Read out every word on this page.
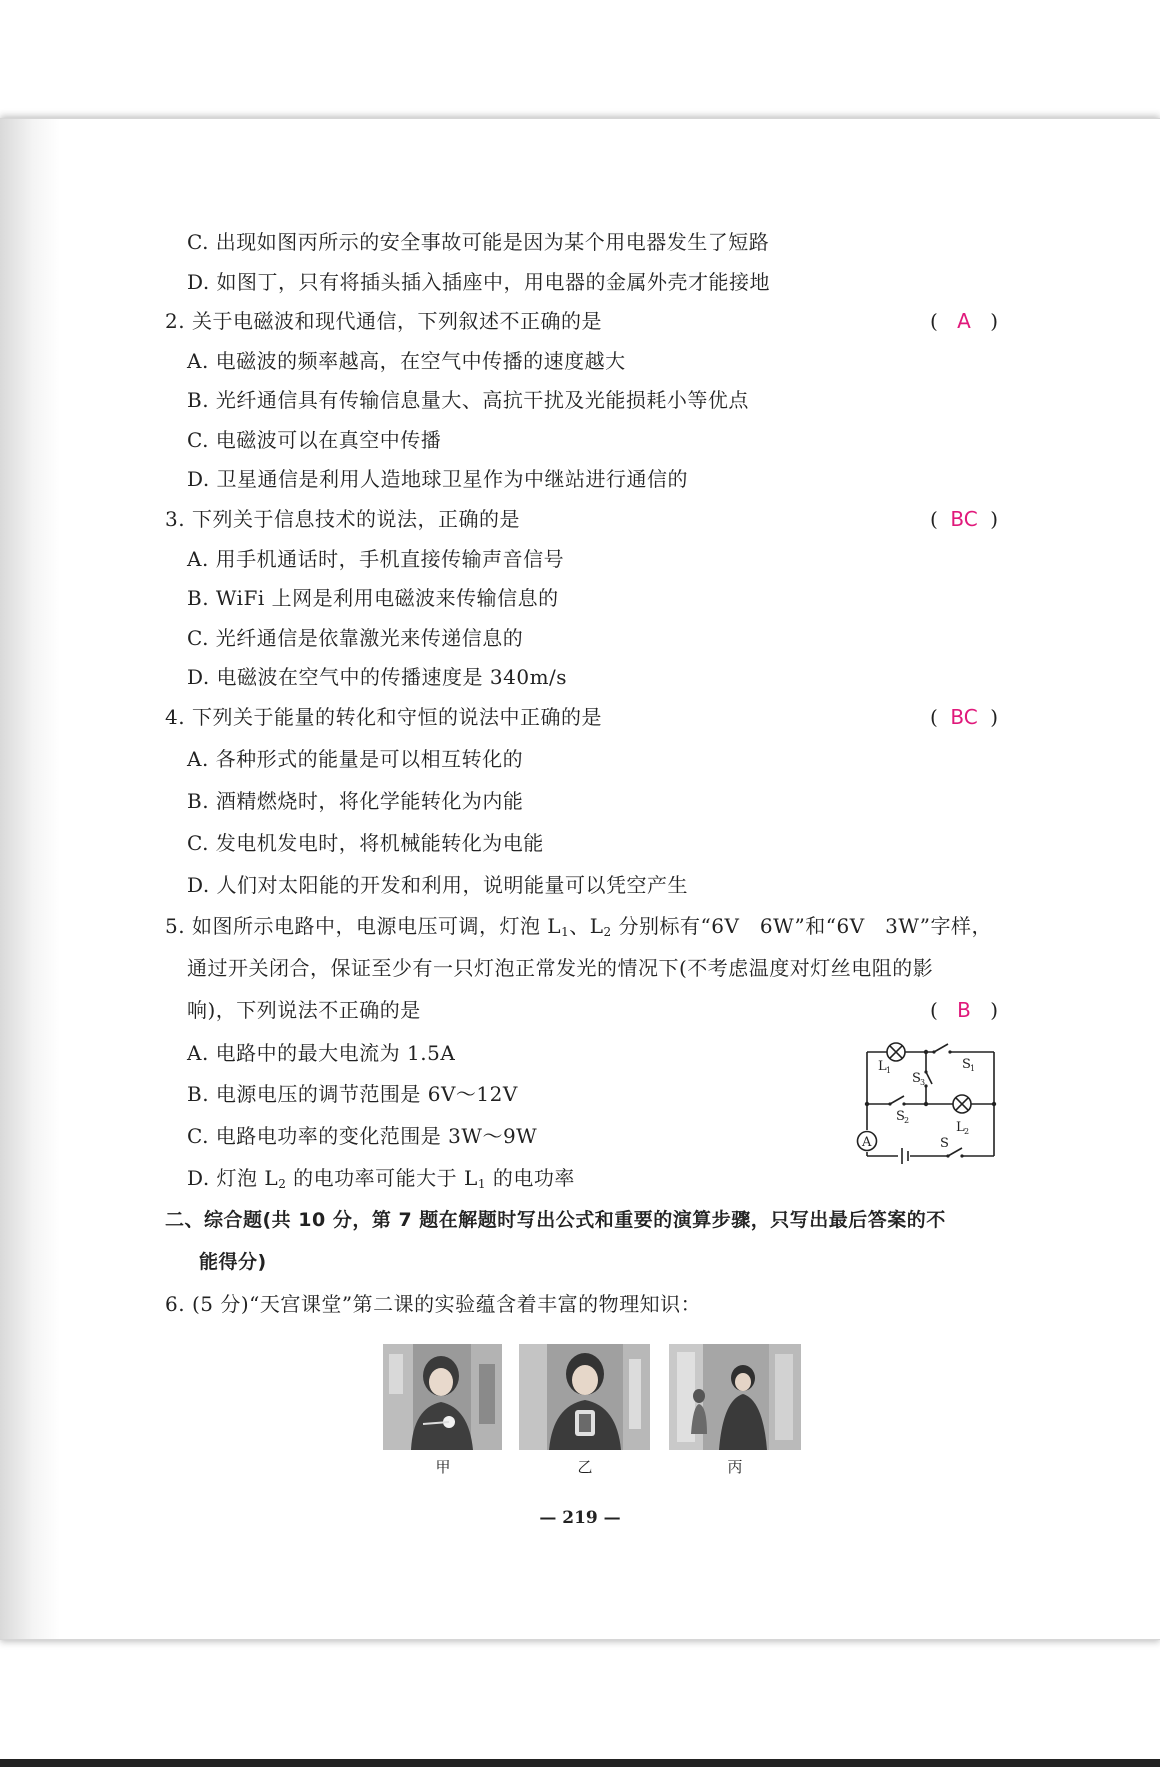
C. 出现如图丙所示的安全事故可能是因为某个用电器发生了短路
D. 如图丁，只有将插头插入插座中，用电器的金属外壳才能接地
2. 关于电磁波和现代通信，下列叙述不正确的是	( A )
A. 电磁波的频率越高，在空气中传播的速度越大
B. 光纤通信具有传输信息量大、高抗干扰及光能损耗小等优点
C. 电磁波可以在真空中传播
D. 卫星通信是利用人造地球卫星作为中继站进行通信的
3. 下列关于信息技术的说法，正确的是	( BC )
A. 用手机通话时，手机直接传输声音信号
B. WiFi 上网是利用电磁波来传输信息的
C. 光纤通信是依靠激光来传递信息的
D. 电磁波在空气中的传播速度是 340m/s
4. 下列关于能量的转化和守恒的说法中正确的是	( BC )
A. 各种形式的能量是可以相互转化的
B. 酒精燃烧时，将化学能转化为内能
C. 发电机发电时，将机械能转化为电能
D. 人们对太阳能的开发和利用，说明能量可以凭空产生
5. 如图所示电路中，电源电压可调，灯泡 $L_1$、$L_2$ 分别标有“6V　6W”和“6V　3W”字样，
通过开关闭合，保证至少有一只灯泡正常发光的情况下(不考虑温度对灯丝电阻的影
响)，下列说法不正确的是	( B )
A. 电路中的最大电流为 1.5A
B. 电源电压的调节范围是 6V～12V
C. 电路电功率的变化范围是 3W～9W
D. 灯泡 $L_2$ 的电功率可能大于 $L_1$ 的电功率
A
L 1
L 2
S 1
S 2
S 3
S
二、综合题(共 10 分，第 7 题在解题时写出公式和重要的演算步骤，只写出最后答案的不
能得分)
6. (5 分)“天宫课堂”第二课的实验蕴含着丰富的物理知识：
甲	乙	丙
— 219 —
